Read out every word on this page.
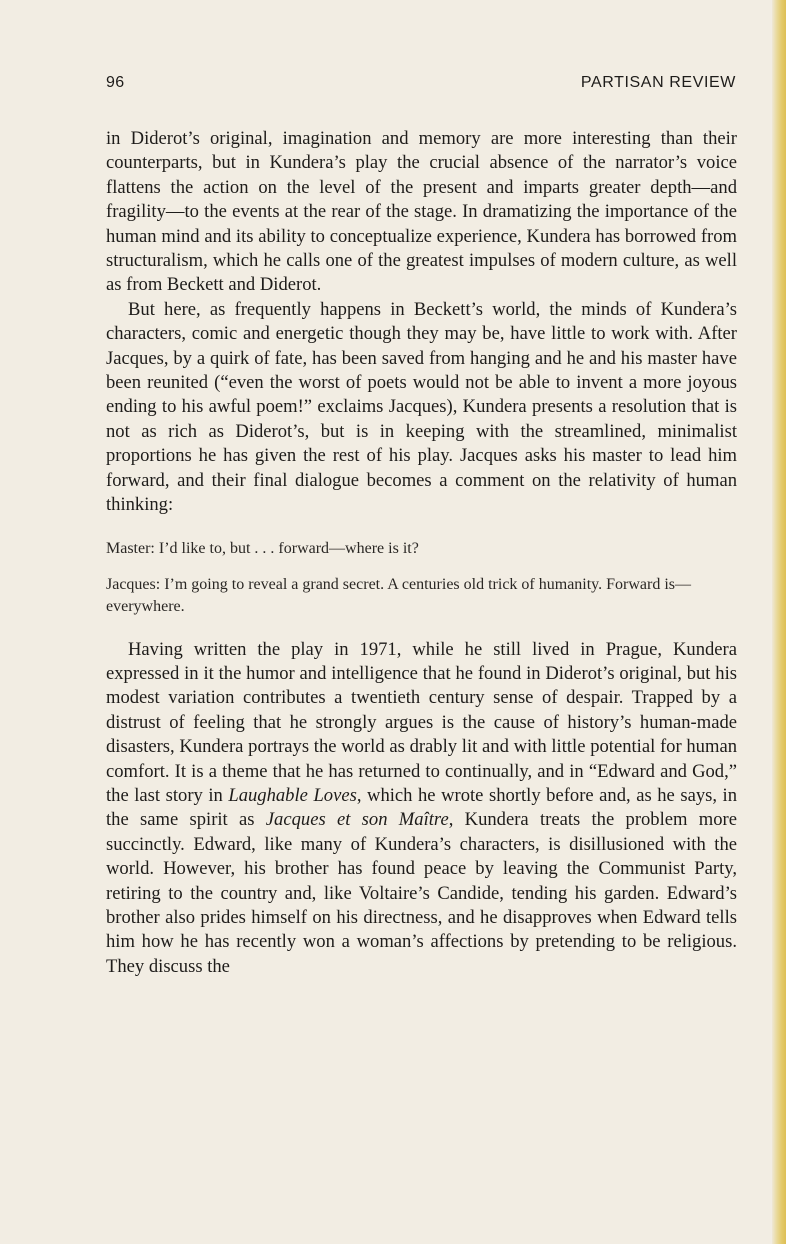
96	PARTISAN REVIEW

in Diderot’s original, imagination and memory are more interesting than their counterparts, but in Kundera’s play the crucial absence of the narrator’s voice flattens the action on the level of the present and imparts greater depth—and fragility—to the events at the rear of the stage. In dramatizing the importance of the human mind and its ability to conceptualize experience, Kundera has borrowed from structuralism, which he calls one of the greatest impulses of modern culture, as well as from Beckett and Diderot.

But here, as frequently happens in Beckett’s world, the minds of Kundera’s characters, comic and energetic though they may be, have little to work with. After Jacques, by a quirk of fate, has been saved from hanging and he and his master have been reunited (“even the worst of poets would not be able to invent a more joyous ending to his awful poem!” exclaims Jacques), Kundera presents a resolution that is not as rich as Diderot’s, but is in keeping with the streamlined, minimalist proportions he has given the rest of his play. Jacques asks his master to lead him forward, and their final dialogue becomes a comment on the relativity of human thinking:

Master: I’d like to, but . . . forward—where is it?

Jacques: I’m going to reveal a grand secret. A centuries old trick of humanity. Forward is—everywhere.

Having written the play in 1971, while he still lived in Prague, Kundera expressed in it the humor and intelligence that he found in Diderot’s original, but his modest variation contributes a twentieth century sense of despair. Trapped by a distrust of feeling that he strongly argues is the cause of history’s human-made disasters, Kundera portrays the world as drably lit and with little potential for human comfort. It is a theme that he has returned to continually, and in “Edward and God,” the last story in Laughable Loves, which he wrote shortly before and, as he says, in the same spirit as Jacques et son Maître, Kundera treats the problem more succinctly. Edward, like many of Kundera’s characters, is disillusioned with the world. However, his brother has found peace by leaving the Communist Party, retiring to the country and, like Voltaire’s Candide, tending his garden. Edward’s brother also prides himself on his directness, and he disapproves when Edward tells him how he has recently won a woman’s affections by pretending to be religious. They discuss the
